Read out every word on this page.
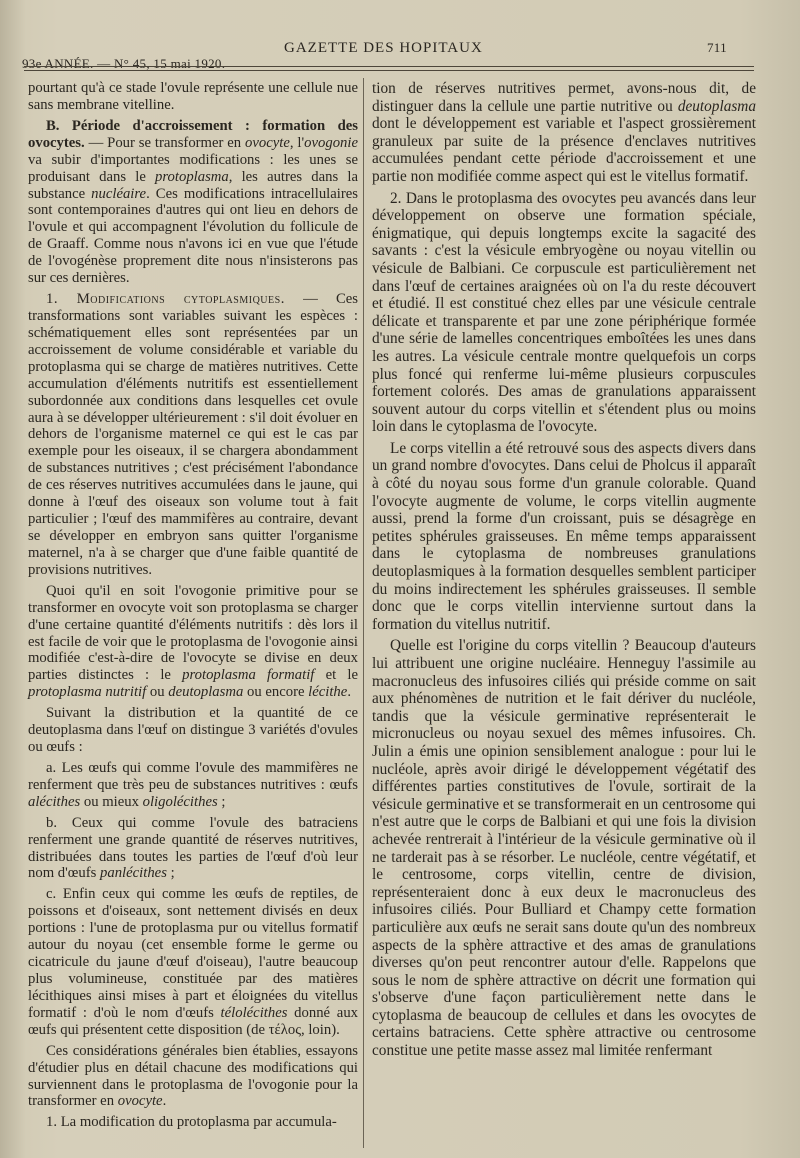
93e ANNÉE. — N° 45, 15 mai 1920.
GAZETTE DES HOPITAUX	711

pourtant qu'à ce stade l'ovule représente une cellule nue sans membrane vitelline.

B. Période d'accroissement : formation des ovocytes. — Pour se transformer en ovocyte, l'ovogonie va subir d'importantes modifications : les unes se produisant dans le protoplasma, les autres dans la substance nucléaire. Ces modifications intracellulaires sont contemporaines d'autres qui ont lieu en dehors de l'ovule et qui accompagnent l'évolution du follicule de de Graaff. Comme nous n'avons ici en vue que l'étude de l'ovogénèse proprement dite nous n'insisterons pas sur ces dernières.

1. Modifications cytoplasmiques. — Ces transformations sont variables suivant les espèces : schématiquement elles sont représentées par un accroissement de volume considérable et variable du protoplasma qui se charge de matières nutritives. Cette accumulation d'éléments nutritifs est essentiellement subordonnée aux conditions dans lesquelles cet ovule aura à se développer ultérieurement : s'il doit évoluer en dehors de l'organisme maternel ce qui est le cas par exemple pour les oiseaux, il se chargera abondamment de substances nutritives ; c'est précisément l'abondance de ces réserves nutritives accumulées dans le jaune, qui donne à l'œuf des oiseaux son volume tout à fait particulier ; l'œuf des mammifères au contraire, devant se développer en embryon sans quitter l'organisme maternel, n'a à se charger que d'une faible quantité de provisions nutritives.

Quoi qu'il en soit l'ovogonie primitive pour se transformer en ovocyte voit son protoplasma se charger d'une certaine quantité d'éléments nutritifs : dès lors il est facile de voir que le protoplasma de l'ovogonie ainsi modifiée c'est-à-dire de l'ovocyte se divise en deux parties distinctes : le protoplasma formatif et le protoplasma nutritif ou deutoplasma ou encore lécithe.

Suivant la distribution et la quantité de ce deutoplasma dans l'œuf on distingue 3 variétés d'ovules ou œufs :

a. Les œufs qui comme l'ovule des mammifères ne renferment que très peu de substances nutritives : œufs alécithes ou mieux oligolécithes ;

b. Ceux qui comme l'ovule des batraciens renferment une grande quantité de réserves nutritives, distribuées dans toutes les parties de l'œuf d'où leur nom d'œufs panlécithes ;

c. Enfin ceux qui comme les œufs de reptiles, de poissons et d'oiseaux, sont nettement divisés en deux portions : l'une de protoplasma pur ou vitellus formatif autour du noyau (cet ensemble forme le germe ou cicatricule du jaune d'œuf d'oiseau), l'autre beaucoup plus volumineuse, constituée par des matières lécithiques ainsi mises à part et éloignées du vitellus formatif : d'où le nom d'œufs télolécithes donné aux œufs qui présentent cette disposition (de τέλος, loin).

Ces considérations générales bien établies, essayons d'étudier plus en détail chacune des modifications qui surviennent dans le protoplasma de l'ovogonie pour la transformer en ovocyte.

1. La modification du protoplasma par accumula-

tion de réserves nutritives permet, avons-nous dit, de distinguer dans la cellule une partie nutritive ou deutoplasma dont le développement est variable et l'aspect grossièrement granuleux par suite de la présence d'enclaves nutritives accumulées pendant cette période d'accroissement et une partie non modifiée comme aspect qui est le vitellus formatif.

2. Dans le protoplasma des ovocytes peu avancés dans leur développement on observe une formation spéciale, énigmatique, qui depuis longtemps excite la sagacité des savants : c'est la vésicule embryogène ou noyau vitellin ou vésicule de Balbiani. Ce corpuscule est particulièrement net dans l'œuf de certaines araignées où on l'a du reste découvert et étudié. Il est constitué chez elles par une vésicule centrale délicate et transparente et par une zone périphérique formée d'une série de lamelles concentriques emboîtées les unes dans les autres. La vésicule centrale montre quelquefois un corps plus foncé qui renferme lui-même plusieurs corpuscules fortement colorés. Des amas de granulations apparaissent souvent autour du corps vitellin et s'étendent plus ou moins loin dans le cytoplasma de l'ovocyte.

Le corps vitellin a été retrouvé sous des aspects divers dans un grand nombre d'ovocytes. Dans celui de Pholcus il apparaît à côté du noyau sous forme d'un granule colorable. Quand l'ovocyte augmente de volume, le corps vitellin augmente aussi, prend la forme d'un croissant, puis se désagrège en petites sphérules graisseuses. En même temps apparaissent dans le cytoplasma de nombreuses granulations deutoplasmiques à la formation desquelles semblent participer du moins indirectement les sphérules graisseuses. Il semble donc que le corps vitellin intervienne surtout dans la formation du vitellus nutritif.

Quelle est l'origine du corps vitellin ? Beaucoup d'auteurs lui attribuent une origine nucléaire. Henneguy l'assimile au macronucleus des infusoires ciliés qui préside comme on sait aux phénomènes de nutrition et le fait dériver du nucléole, tandis que la vésicule germinative représenterait le micronucleus ou noyau sexuel des mêmes infusoires. Ch. Julin a émis une opinion sensiblement analogue : pour lui le nucléole, après avoir dirigé le développement végétatif des différentes parties constitutives de l'ovule, sortirait de la vésicule germinative et se transformerait en un centrosome qui n'est autre que le corps de Balbiani et qui une fois la division achevée rentrerait à l'intérieur de la vésicule germinative où il ne tarderait pas à se résorber. Le nucléole, centre végétatif, et le centrosome, corps vitellin, centre de division, représenteraient donc à eux deux le macronucleus des infusoires ciliés. Pour Bulliard et Champy cette formation particulière aux œufs ne serait sans doute qu'un des nombreux aspects de la sphère attractive et des amas de granulations diverses qu'on peut rencontrer autour d'elle. Rappelons que sous le nom de sphère attractive on décrit une formation qui s'observe d'une façon particulièrement nette dans le cytoplasma de beaucoup de cellules et dans les ovocytes de certains batraciens. Cette sphère attractive ou centrosome constitue une petite masse assez mal limitée renfermant
